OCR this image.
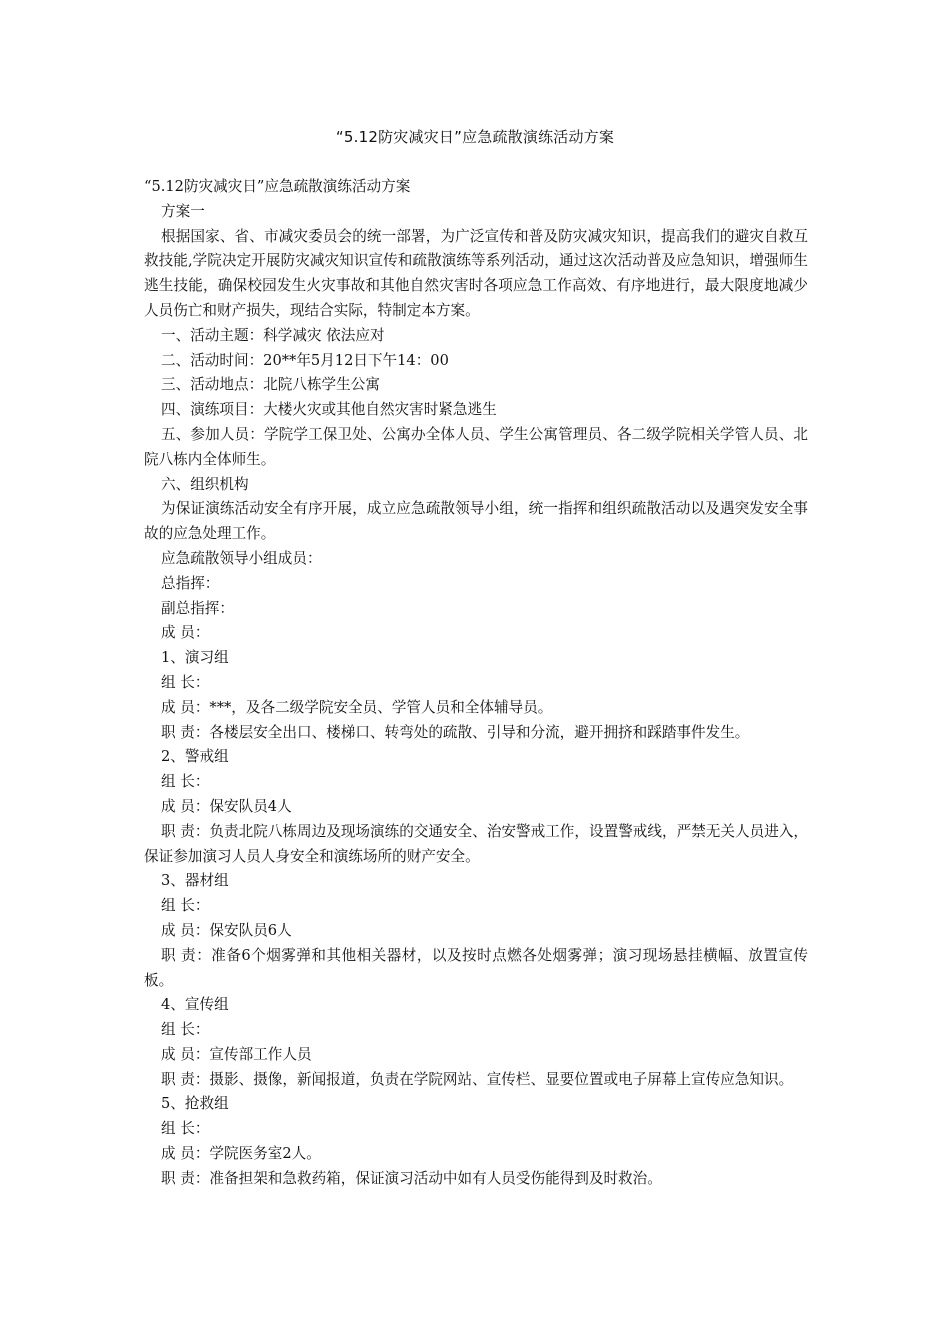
“5.12防灾减灾日”应急疏散演练活动方案

“5.12防灾减灾日”应急疏散演练活动方案

方案一

根据国家、省、市减灾委员会的统一部署，为广泛宣传和普及防灾减灾知识，提高我们的避灾自救互救技能,学院决定开展防灾减灾知识宣传和疏散演练等系列活动，通过这次活动普及应急知识，增强师生逃生技能，确保校园发生火灾事故和其他自然灾害时各项应急工作高效、有序地进行，最大限度地减少人员伤亡和财产损失，现结合实际，特制定本方案。

一、活动主题：科学减灾 依法应对

二、活动时间：20**年5月12日下午14：00

三、活动地点：北院八栋学生公寓

四、演练项目：大楼火灾或其他自然灾害时紧急逃生

五、参加人员：学院学工保卫处、公寓办全体人员、学生公寓管理员、各二级学院相关学管人员、北院八栋内全体师生。

六、组织机构

为保证演练活动安全有序开展，成立应急疏散领导小组，统一指挥和组织疏散活动以及遇突发安全事故的应急处理工作。

应急疏散领导小组成员：

总指挥：

副总指挥：

成 员：

1、演习组

组 长：

成 员：***，及各二级学院安全员、学管人员和全体辅导员。

职 责：各楼层安全出口、楼梯口、转弯处的疏散、引导和分流，避开拥挤和踩踏事件发生。

2、警戒组

组 长：

成 员：保安队员4人

职 责：负责北院八栋周边及现场演练的交通安全、治安警戒工作，设置警戒线，严禁无关人员进入，保证参加演习人员人身安全和演练场所的财产安全。

3、器材组

组 长：

成 员：保安队员6人

职 责：准备6个烟雾弹和其他相关器材，以及按时点燃各处烟雾弹；演习现场悬挂横幅、放置宣传板。

4、宣传组

组 长：

成 员：宣传部工作人员

职 责：摄影、摄像，新闻报道，负责在学院网站、宣传栏、显要位置或电子屏幕上宣传应急知识。

5、抢救组

组 长：

成 员：学院医务室2人。

职 责：准备担架和急救药箱，保证演习活动中如有人员受伤能得到及时救治。
